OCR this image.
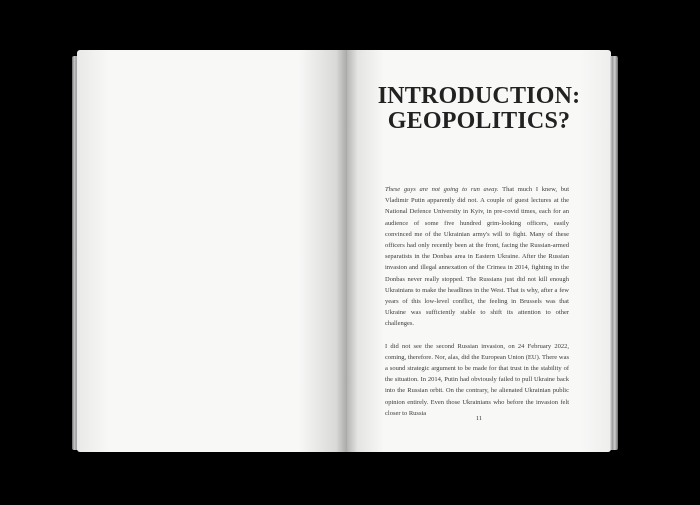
INTRODUCTION:
GEOPOLITICS?

These guys are not going to run away. That much I knew, but Vladimir Putin apparently did not. A couple of guest lectures at the National Defence University in Kyiv, in pre-covid times, each for an audience of some five hundred grim-looking officers, easily convinced me of the Ukrainian army's will to fight. Many of these officers had only recently been at the front, facing the Russian-armed separatists in the Donbas area in Eastern Ukraine. After the Russian invasion and illegal annexation of the Crimea in 2014, fighting in the Donbas never really stopped. The Russians just did not kill enough Ukrainians to make the headlines in the West. That is why, after a few years of this low-level conflict, the feeling in Brussels was that Ukraine was sufficiently stable to shift its attention to other challenges.

I did not see the second Russian invasion, on 24 February 2022, coming, therefore. Nor, alas, did the European Union (EU). There was a sound strategic argument to be made for that trust in the stability of the situation. In 2014, Putin had obviously failed to pull Ukraine back into the Russian orbit. On the contrary, he alienated Ukrainian public opinion entirely. Even those Ukrainians who before the invasion felt closer to Russia

11
